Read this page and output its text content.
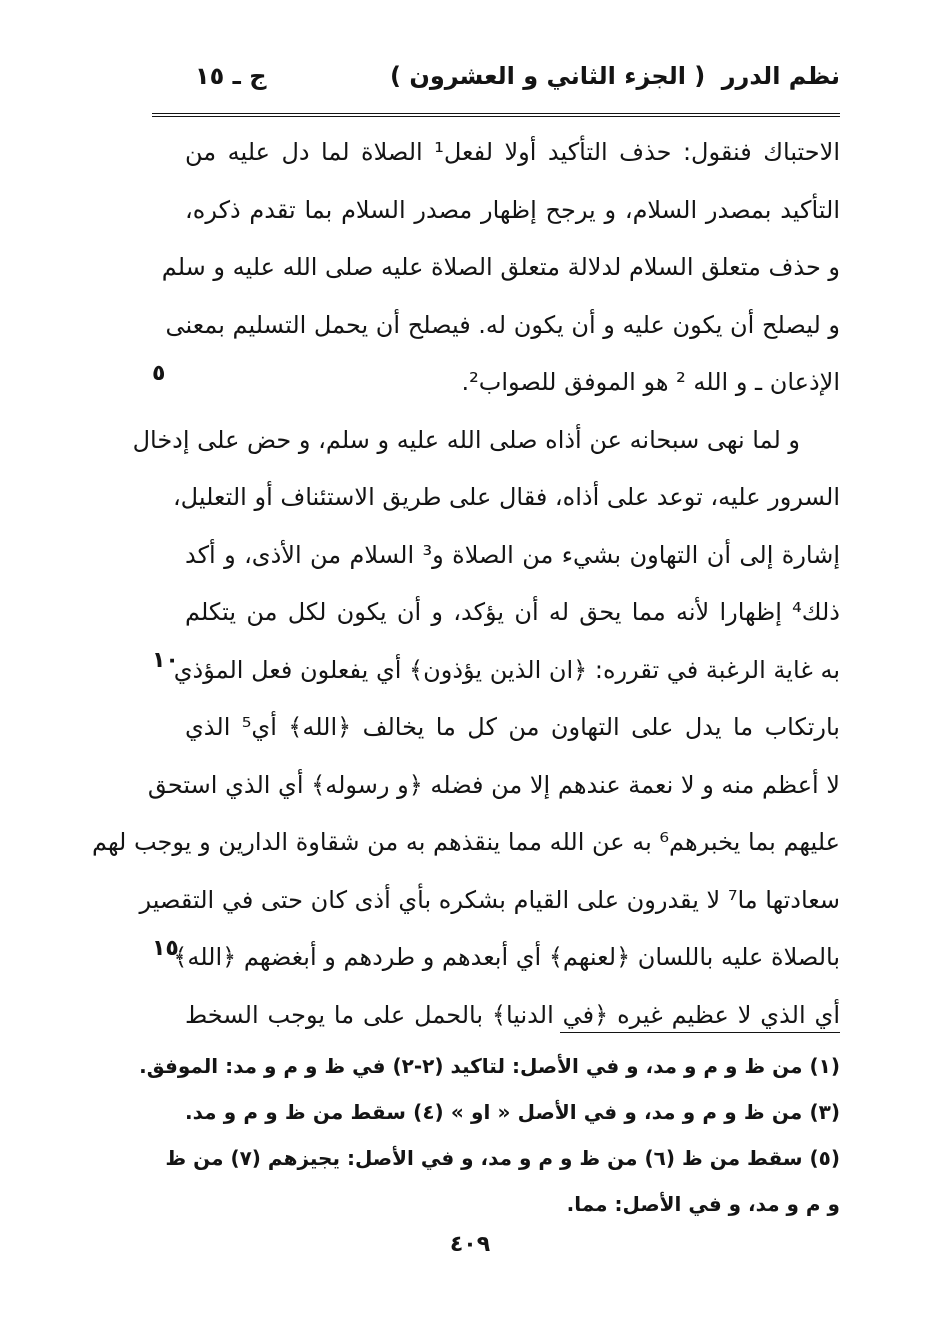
نظم الدرر
( الجزء الثاني و العشرون )
ج ـ ١٥
الاحتباك فنقول: حذف التأكيد أولا لفعل¹ الصلاة لما دل عليه من
التأكيد بمصدر السلام، و يرجح إظهار مصدر السلام بما تقدم ذكره،
و حذف متعلق السلام لدلالة متعلق الصلاة عليه صلى الله عليه و سلم
و ليصلح أن يكون عليه و أن يكون له. فيصلح أن يحمل التسليم بمعنى
الإذعان ـ و الله ² هو الموفق للصواب².
و لما نهى سبحانه عن أذاه صلى الله عليه و سلم، و حض على إدخال
السرور عليه، توعد على أذاه، فقال على طريق الاستئناف أو التعليل،
إشارة إلى أن التهاون بشيء من الصلاة و³ السلام من الأذى، و أكد
ذلك⁴ إظهارا لأنه مما يحق له أن يؤكد، و أن يكون لكل من يتكلم
به غاية الرغبة في تقرره: ﴿ان الذين يؤذون﴾ أي يفعلون فعل المؤذي
بارتكاب ما يدل على التهاون من كل ما يخالف ﴿الله﴾ أي⁵ الذي
لا أعظم منه و لا نعمة عندهم إلا من فضله ﴿و رسوله﴾ أي الذي استحق
عليهم بما يخبرهم⁶ به عن الله مما ينقذهم به من شقاوة الدارين و يوجب لهم
سعادتها ما⁷ لا يقدرون على القيام بشكره بأي أذى كان حتى في التقصير
بالصلاة عليه باللسان ﴿لعنهم﴾ أي أبعدهم و طردهم و أبغضهم ﴿الله﴾
أي الذي لا عظيم غيره ﴿في الدنيا﴾ بالحمل على ما يوجب السخط
٥
١٠
١٥
(١) من ظ و م و مد، و في الأصل: لتاكيد (٢-٢) في ظ و م و مد: الموفق.
(٣) من ظ و م و مد، و في الأصل « او » (٤) سقط من ظ و م و مد.
(٥) سقط من ظ (٦) من ظ و م و مد، و في الأصل: يجيزهم (٧) من ظ
و م و مد، و في الأصل: مما.
٤٠٩
